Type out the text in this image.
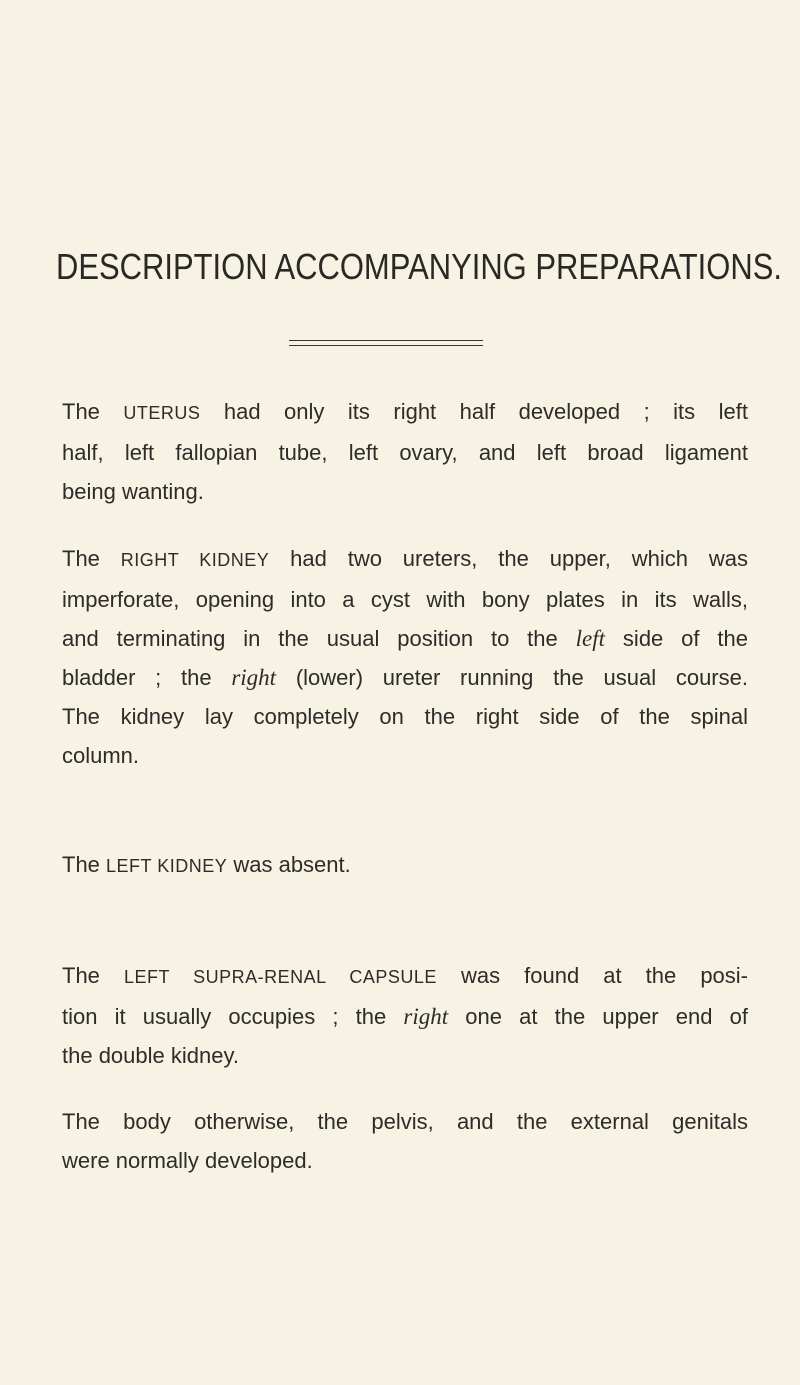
DESCRIPTION ACCOMPANYING PREPARATIONS.
The UTERUS had only its right half developed ; its left
half, left fallopian tube, left ovary, and left broad ligament
being wanting.
The RIGHT KIDNEY had two ureters, the upper, which was
imperforate, opening into a cyst with bony plates in its walls,
and terminating in the usual position to the left side of the
bladder ; the right (lower) ureter running the usual course.
The kidney lay completely on the right side of the spinal
column.
The LEFT KIDNEY was absent.
The LEFT SUPRA-RENAL CAPSULE was found at the posi-
tion it usually occupies ; the right one at the upper end of
the double kidney.
The body otherwise, the pelvis, and the external genitals
were normally developed.
